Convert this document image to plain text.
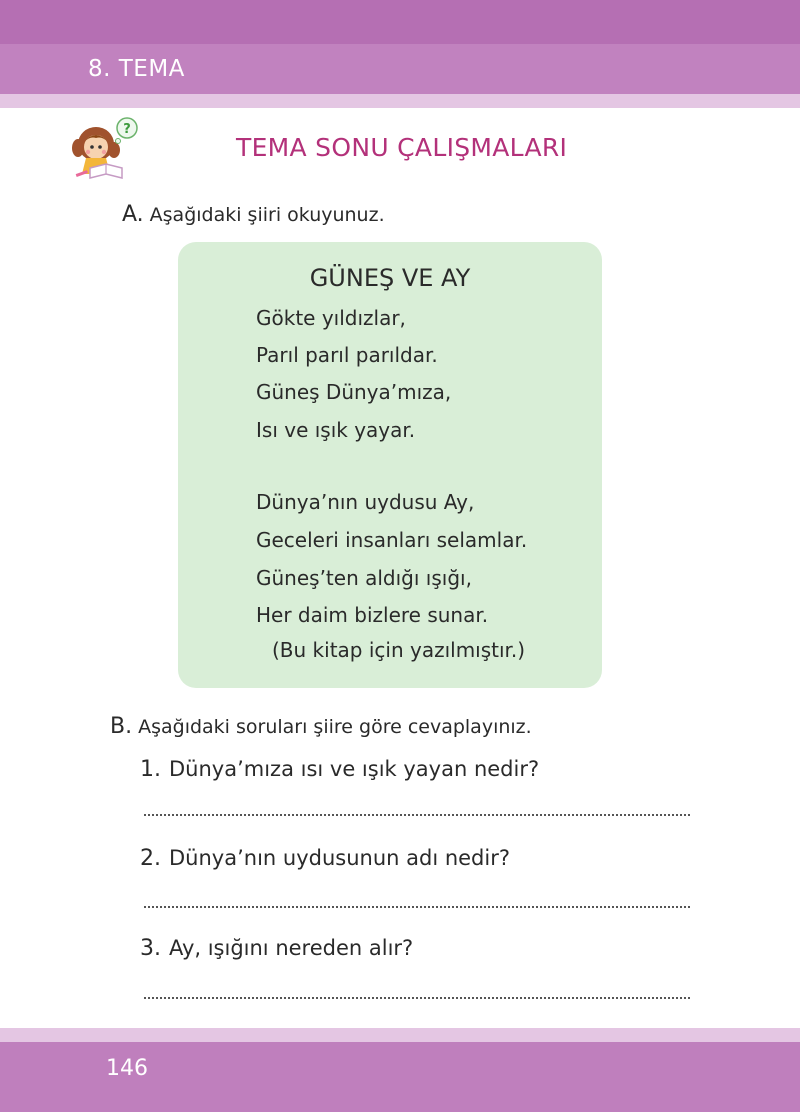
8. TEMA
?
TEMA SONU ÇALIŞMALARI
A. Aşağıdaki şiiri okuyunuz.
GÜNEŞ VE AY
Gökte yıldızlar,
Parıl parıl parıldar.
Güneş Dünya’mıza,
Isı ve ışık yayar.
Dünya’nın uydusu Ay,
Geceleri insanları selamlar.
Güneş’ten aldığı ışığı,
Her daim bizlere sunar.
(Bu kitap için yazılmıştır.)
B. Aşağıdaki soruları şiire göre cevaplayınız.
1. Dünya’mıza ısı ve ışık yayan nedir?
2. Dünya’nın uydusunun adı nedir?
3. Ay, ışığını nereden alır?
146
